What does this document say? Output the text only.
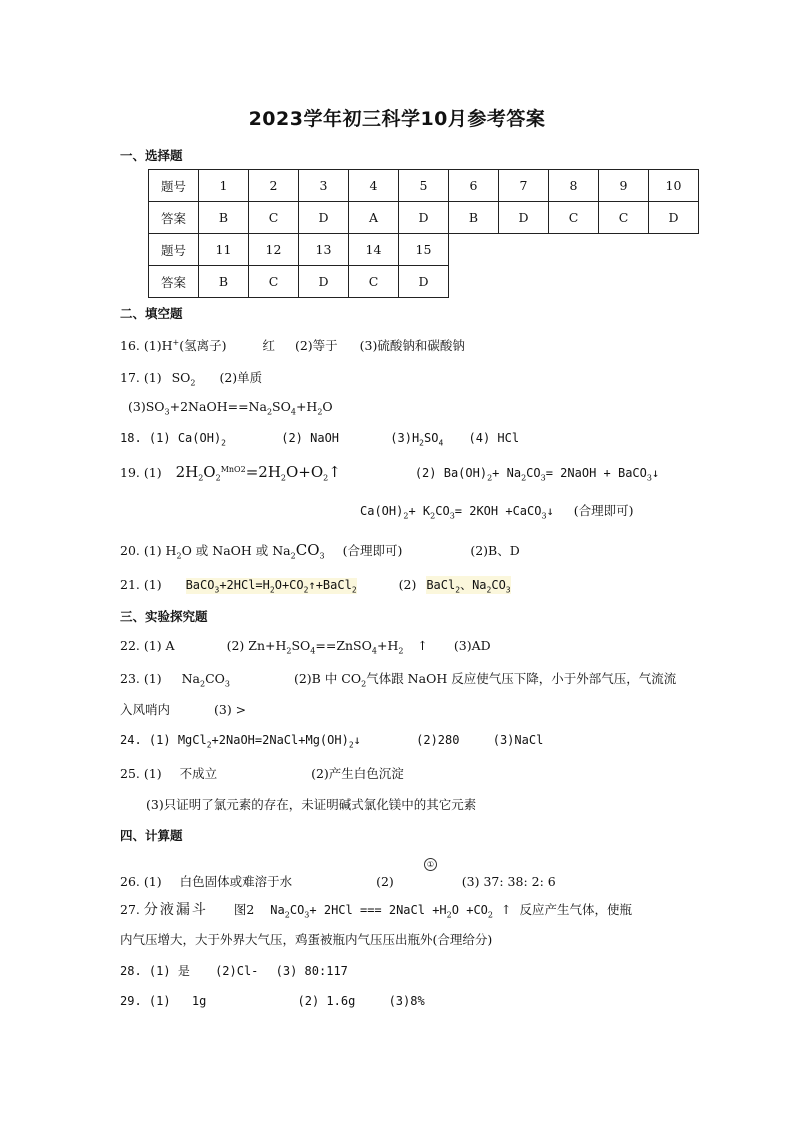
2023学年初三科学10月参考答案
一、选择题
题号	1	2	3	4	5	6	7	8	9	10
答案	B	C	D	A	D	B	D	C	C	D
题号	11	12	13	14	15					
答案	B	C	D	C	D					
二、填空题
16. (1)H+(氢离子)	红 (2)等于 (3)硫酸钠和碳酸钠
17. (1) $SO_2$ (2)单质
$(3)SO_3+2NaOH==Na_2SO_4+H_2O$
18. (1) $Ca(OH)_2$	(2) NaOH	$(3)H_2SO_4$ (4) HCl
19. (1) $2H_2O_2^{MnO2}=2H_2O+O_2↑$	(2) $Ba(OH)_2+ Na_2CO_3=$ 2NaOH + BaCO$_3$↓
$Ca(OH)_2+ K_2CO_3= 2KOH$ +CaCO$_3$↓ (合理即可)
20. (1) $H_2O$ 或 NaOH 或 $Na_2CO_3$ (合理即可)	(2)B、D
21. (1) $BaCO_3+2HCl=H_2O+CO_2↑+BaCl_2$	(2) BaCl$_2$、$Na_2CO_3$
三、实验探究题
22. (1) A	(2) $Zn+H_2SO_4==ZnSO_4+H_2$ ↑ (3)AD
23. (1) $Na_2CO_3$	(2)B 中 $CO_2$气体跟 NaOH 反应使气压下降，小于外部气压，气流流
入风哨内	(3) >
24. (1) $MgCl_2+2NaOH=2NaCl+Mg(OH)_2↓$	(2)280	(3)NaCl
25. (1) 不成立	(2)产生白色沉淀
(3)只证明了氯元素的存在，未证明碱式氯化镁中的其它元素
四、计算题
26. (1) 白色固体或难溶于水	(2)	(3) 37: 38: 2: 6
①
27. 分液漏斗 图2 $Na_2CO_3+ 2HCl$ === 2NaCl $+H_2O +CO_2$ ↑ 反应产生气体，使瓶
内气压增大，大于外界大气压，鸡蛋被瓶内气压压出瓶外(合理给分)
28. (1) 是 (2)Cl- (3) 80:117
29. (1) 1g	(2) 1.6g	(3)8%
